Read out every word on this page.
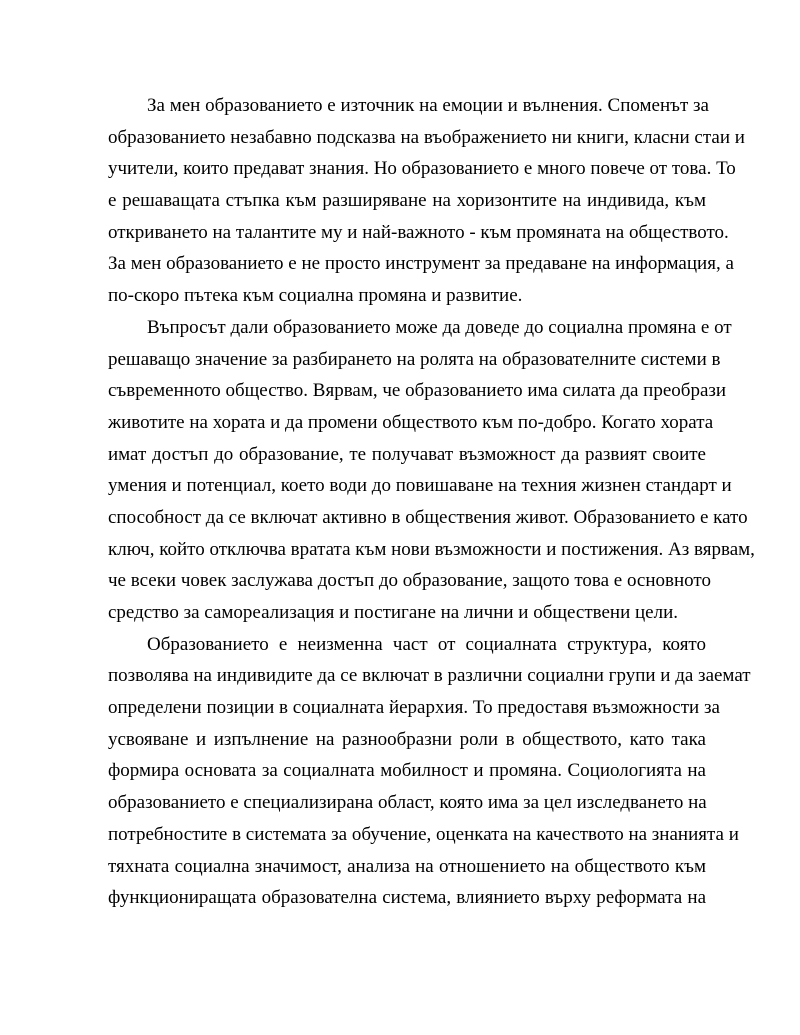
За мен образованието е източник на емоции и вълнения. Споменът за
образованието незабавно подсказва на въображението ни книги, класни стаи и
учители, които предават знания. Но образованието е много повече от това. То
е решаващата стъпка към разширяване на хоризонтите на индивида, към
откриването на талантите му и най-важното - към промяната на обществото.
За мен образованието е не просто инструмент за предаване на информация, а
по-скоро пътека към социална промяна и развитие.
Въпросът дали образованието може да доведе до социална промяна е от
решаващо значение за разбирането на ролята на образователните системи в
съвременното общество. Вярвам, че образованието има силата да преобрази
животите на хората и да промени обществото към по-добро. Когато хората
имат достъп до образование, те получават възможност да развият своите
умения и потенциал, което води до повишаване на техния жизнен стандарт и
способност да се включат активно в обществения живот. Образованието е като
ключ, който отключва вратата към нови възможности и постижения. Аз вярвам,
че всеки човек заслужава достъп до образование, защото това е основното
средство за самореализация и постигане на лични и обществени цели.
Образованието е неизменна част от социалната структура, която
позволява на индивидите да се включат в различни социални групи и да заемат
определени позиции в социалната йерархия. То предоставя възможности за
усвояване и изпълнение на разнообразни роли в обществото, като така
формира основата за социалната мобилност и промяна. Социологията на
образованието е специализирана област, която има за цел изследването на
потребностите в системата за обучение, оценката на качеството на знанията и
тяхната социална значимост, анализа на отношението на обществото към
функциониращата образователна система, влиянието върху реформата на
